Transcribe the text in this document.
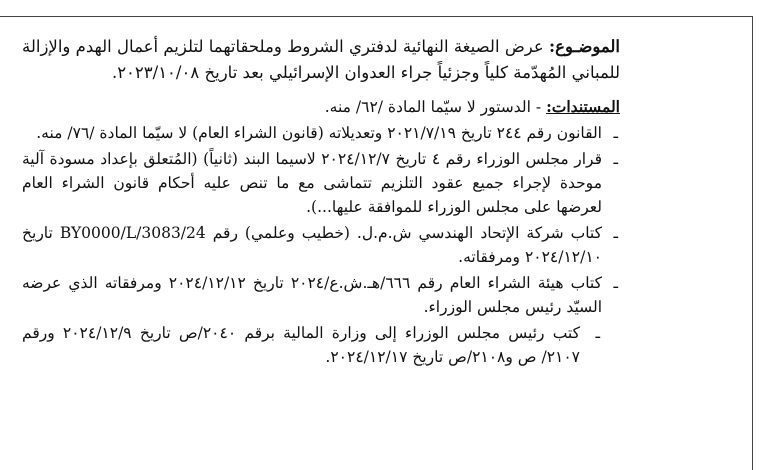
الموضـوع: عرض الصيغة النهائية لدفتري الشروط وملحقاتهما لتلزيم أعمال الهدم والإزالة للمباني المُهدّمة كلياً وجزئياً جراء العدوان الإسرائيلي بعد تاريخ ٢٠٢٣/١٠/٠٨.
المستندات: - الدستور لا سيّما المادة /٦٢/ منه.
ـ
القانون رقم ٢٤٤ تاريخ ٢٠٢١/٧/١٩ وتعديلاته (قانون الشراء العام) لا سيّما المادة /٧٦/ منه.
ـ
قرار مجلس الوزراء رقم ٤ تاريخ ٢٠٢٤/١٢/٧ لاسيما البند (ثانياً) (المُتعلق بإعداد مسودة آلية موحدة لإجراء جميع عقود التلزيم تتماشى مع ما تنص عليه أحكام قانون الشراء العام لعرضها على مجلس الوزراء للموافقة عليها...).
ـ
كتاب شركة الإتحاد الهندسي ش.م.ل. (خطيب وعلمي) رقم BY0000/L/3083/24 تاريخ ٢٠٢٤/١٢/١٠ ومرفقاته.
ـ
كتاب هيئة الشراء العام رقم ٦٦٦/هـ.ش.ع/٢٠٢٤ تاريخ ٢٠٢٤/١٢/١٢ ومرفقاته الذي عرضه السيّد رئيس مجلس الوزراء.
ـ
كتب رئيس مجلس الوزراء إلى وزارة المالية برقم ٢٠٤٠/ص تاريخ ٢٠٢٤/١٢/٩ ورقم ٢١٠٧/ ص و٢١٠٨/ص تاريخ ٢٠٢٤/١٢/١٧.
